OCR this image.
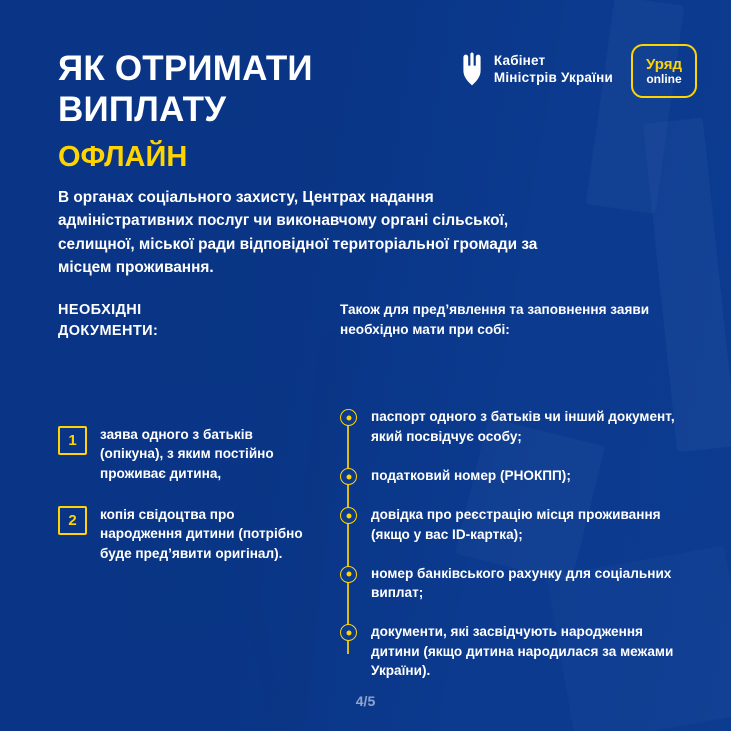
ЯК ОТРИМАТИ
ВИПЛАТУ
ОФЛАЙН
Кабінет
Міністрів України
Уряд
online
В органах соціального захисту, Центрах надання адміністративних послуг чи виконавчому органі сільської, селищної, міської ради відповідної територіальної громади за місцем проживання.
НЕОБХІДНІ
ДОКУМЕНТИ:
1	заява одного з батьків (опікуна), з яким постійно проживає дитина,
2	копія свідоцтва про народження дитини (потрібно буде пред’явити оригінал).
Також для пред’явлення та заповнення заяви необхідно мати при собі:
паспорт одного з батьків чи інший документ, який посвідчує особу;
податковий номер (РНОКПП);
довідка про реєстрацію місця проживання (якщо у вас ID-картка);
номер банківського рахунку для соціальних виплат;
документи, які засвідчують народження дитини (якщо дитина народилася за межами України).
4/5
